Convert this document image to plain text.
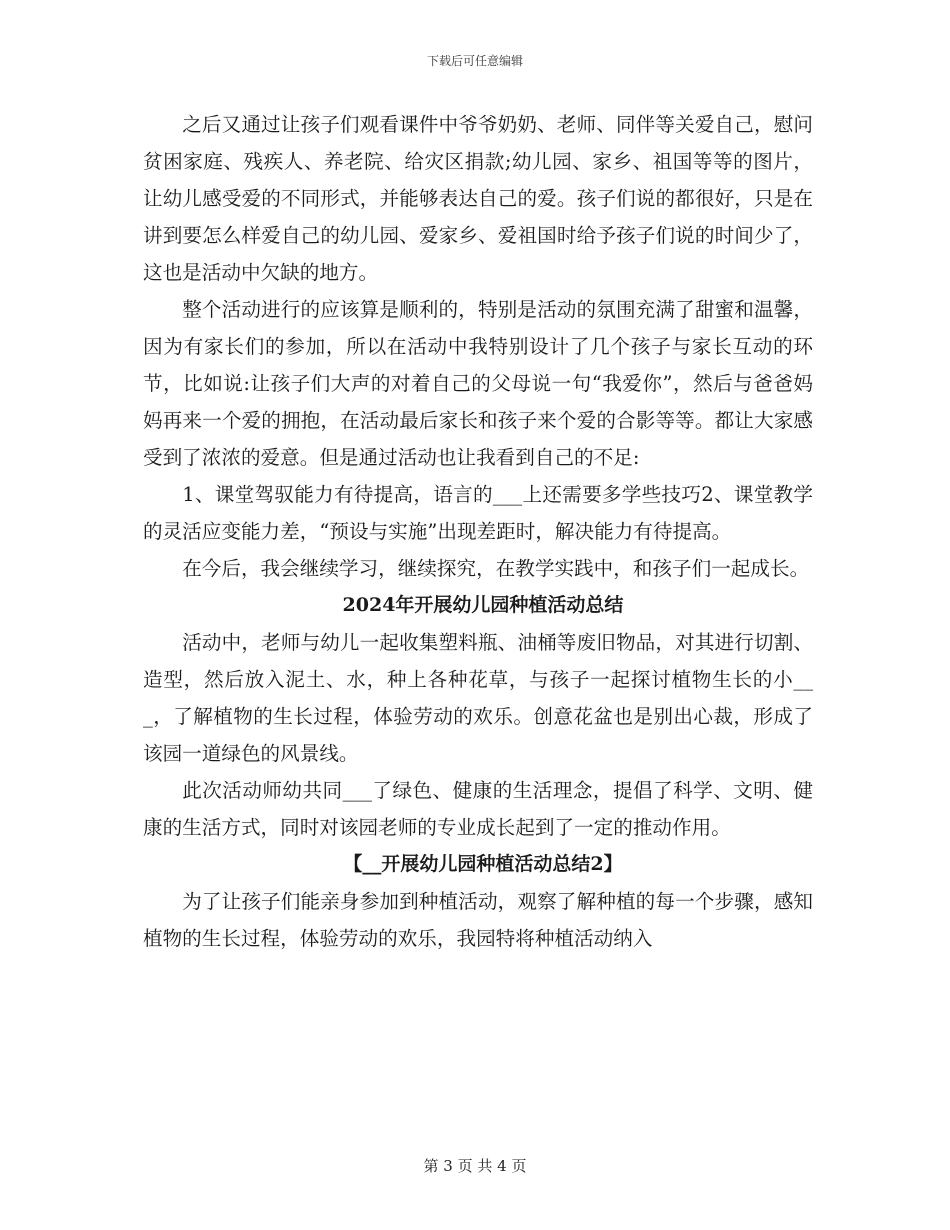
下载后可任意编辑

之后又通过让孩子们观看课件中爷爷奶奶、老师、同伴等关爱自己，慰问贫困家庭、残疾人、养老院、给灾区捐款;幼儿园、家乡、祖国等等的图片，让幼儿感受爱的不同形式，并能够表达自己的爱。孩子们说的都很好，只是在讲到要怎么样爱自己的幼儿园、爱家乡、爱祖国时给予孩子们说的时间少了，这也是活动中欠缺的地方。

整个活动进行的应该算是顺利的，特别是活动的氛围充满了甜蜜和温馨，因为有家长们的参加，所以在活动中我特别设计了几个孩子与家长互动的环节，比如说:让孩子们大声的对着自己的父母说一句“我爱你”，然后与爸爸妈妈再来一个爱的拥抱，在活动最后家长和孩子来个爱的合影等等。都让大家感受到了浓浓的爱意。但是通过活动也让我看到自己的不足:

1、课堂驾驭能力有待提高，语言的___上还需要多学些技巧2、课堂教学的灵活应变能力差，“预设与实施”出现差距时，解决能力有待提高。

在今后，我会继续学习，继续探究，在教学实践中，和孩子们一起成长。

2024年开展幼儿园种植活动总结

活动中，老师与幼儿一起收集塑料瓶、油桶等废旧物品，对其进行切割、造型，然后放入泥土、水，种上各种花草，与孩子一起探讨植物生长的小___，了解植物的生长过程，体验劳动的欢乐。创意花盆也是别出心裁，形成了该园一道绿色的风景线。

此次活动师幼共同___了绿色、健康的生活理念，提倡了科学、文明、健康的生活方式，同时对该园老师的专业成长起到了一定的推动作用。

【__开展幼儿园种植活动总结2】

为了让孩子们能亲身参加到种植活动，观察了解种植的每一个步骤，感知植物的生长过程，体验劳动的欢乐，我园特将种植活动纳入

第 3 页 共 4 页
